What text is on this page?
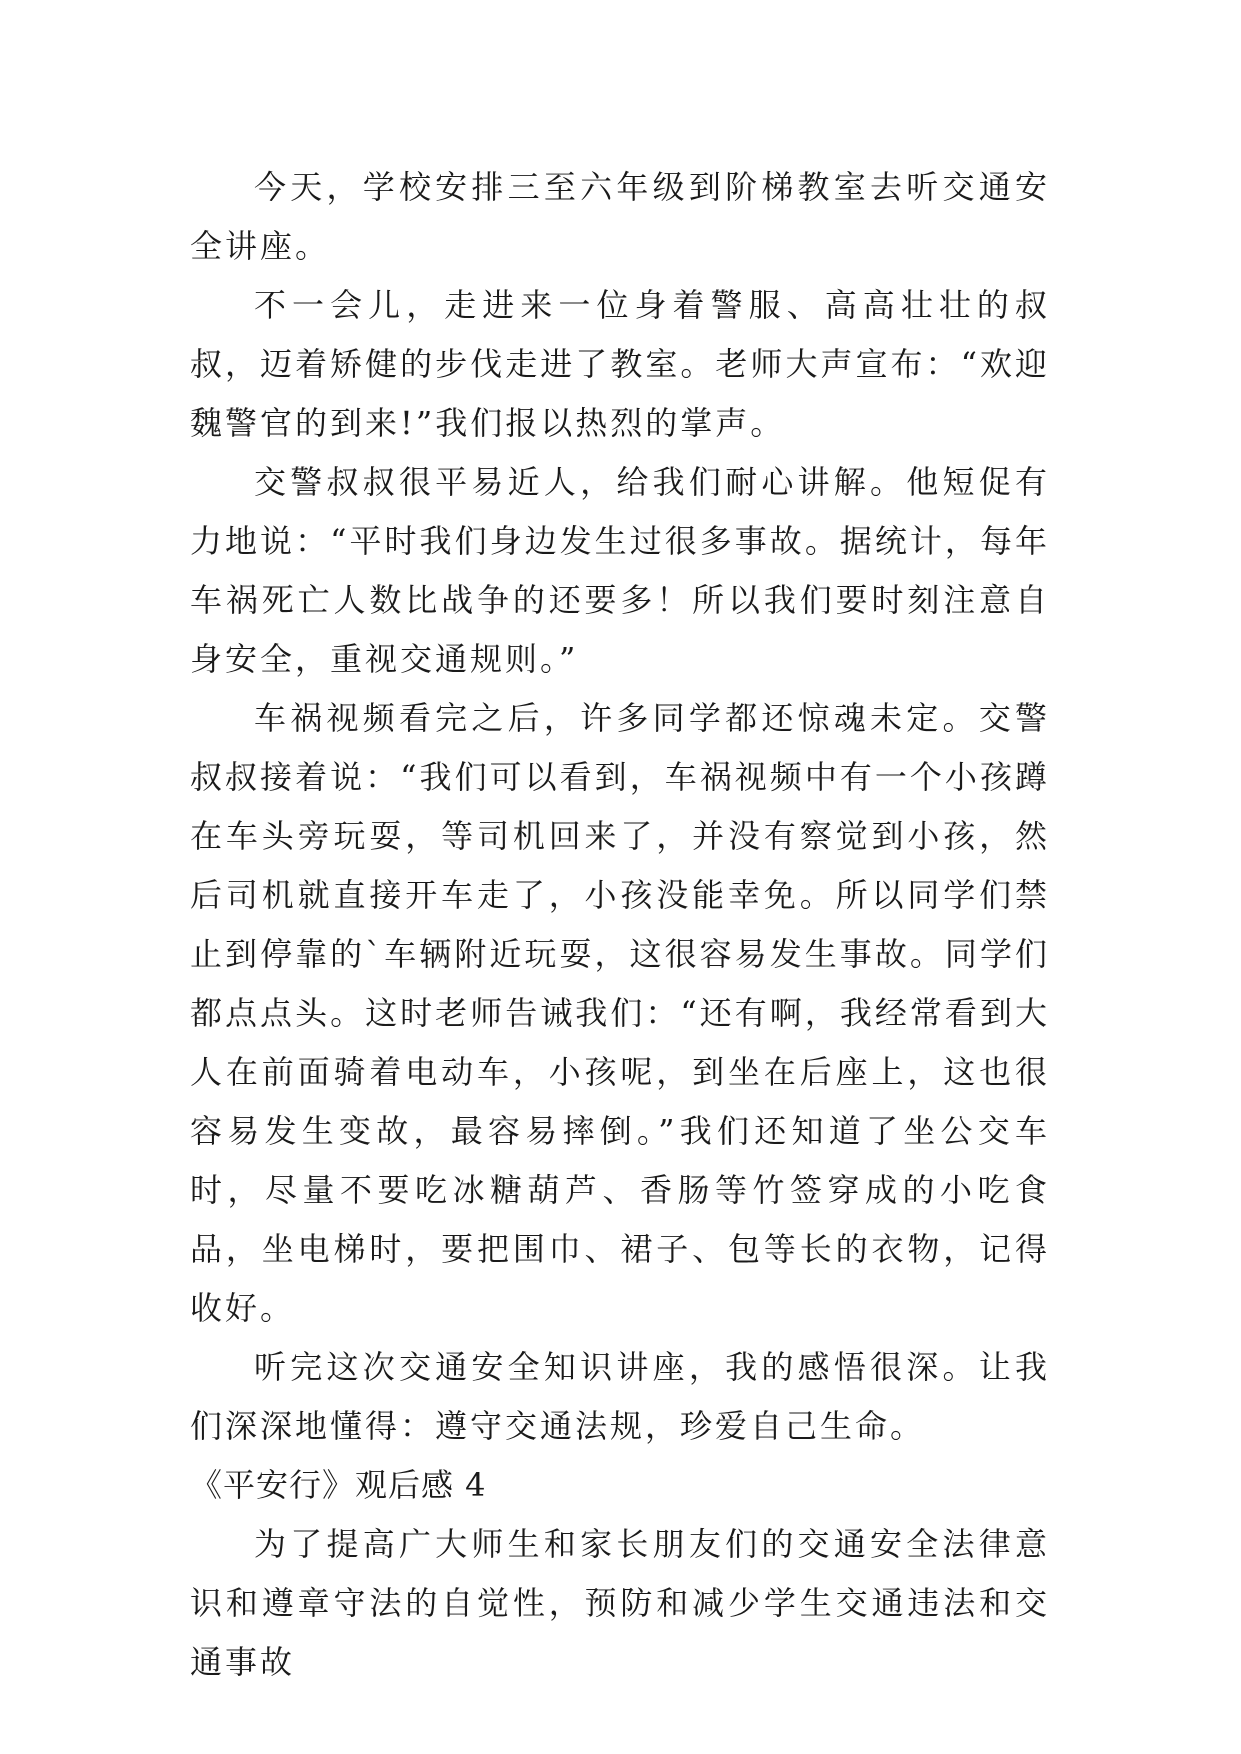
今天，学校安排三至六年级到阶梯教室去听交通安全讲座。

不一会儿，走进来一位身着警服、高高壮壮的叔叔，迈着矫健的步伐走进了教室。老师大声宣布：“欢迎魏警官的到来!”我们报以热烈的掌声。

交警叔叔很平易近人，给我们耐心讲解。他短促有力地说：“平时我们身边发生过很多事故。据统计，每年车祸死亡人数比战争的还要多！所以我们要时刻注意自身安全，重视交通规则。”

车祸视频看完之后，许多同学都还惊魂未定。交警叔叔接着说：“我们可以看到，车祸视频中有一个小孩蹲在车头旁玩耍，等司机回来了，并没有察觉到小孩，然后司机就直接开车走了，小孩没能幸免。所以同学们禁止到停靠的`车辆附近玩耍，这很容易发生事故。同学们都点点头。这时老师告诫我们：“还有啊，我经常看到大人在前面骑着电动车，小孩呢，到坐在后座上，这也很容易发生变故，最容易摔倒。”我们还知道了坐公交车时，尽量不要吃冰糖葫芦、香肠等竹签穿成的小吃食品，坐电梯时，要把围巾、裙子、包等长的衣物，记得收好。

听完这次交通安全知识讲座，我的感悟很深。让我们深深地懂得：遵守交通法规，珍爱自己生命。

《平安行》观后感 4

为了提高广大师生和家长朋友们的交通安全法律意识和遵章守法的自觉性，预防和减少学生交通违法和交通事故
